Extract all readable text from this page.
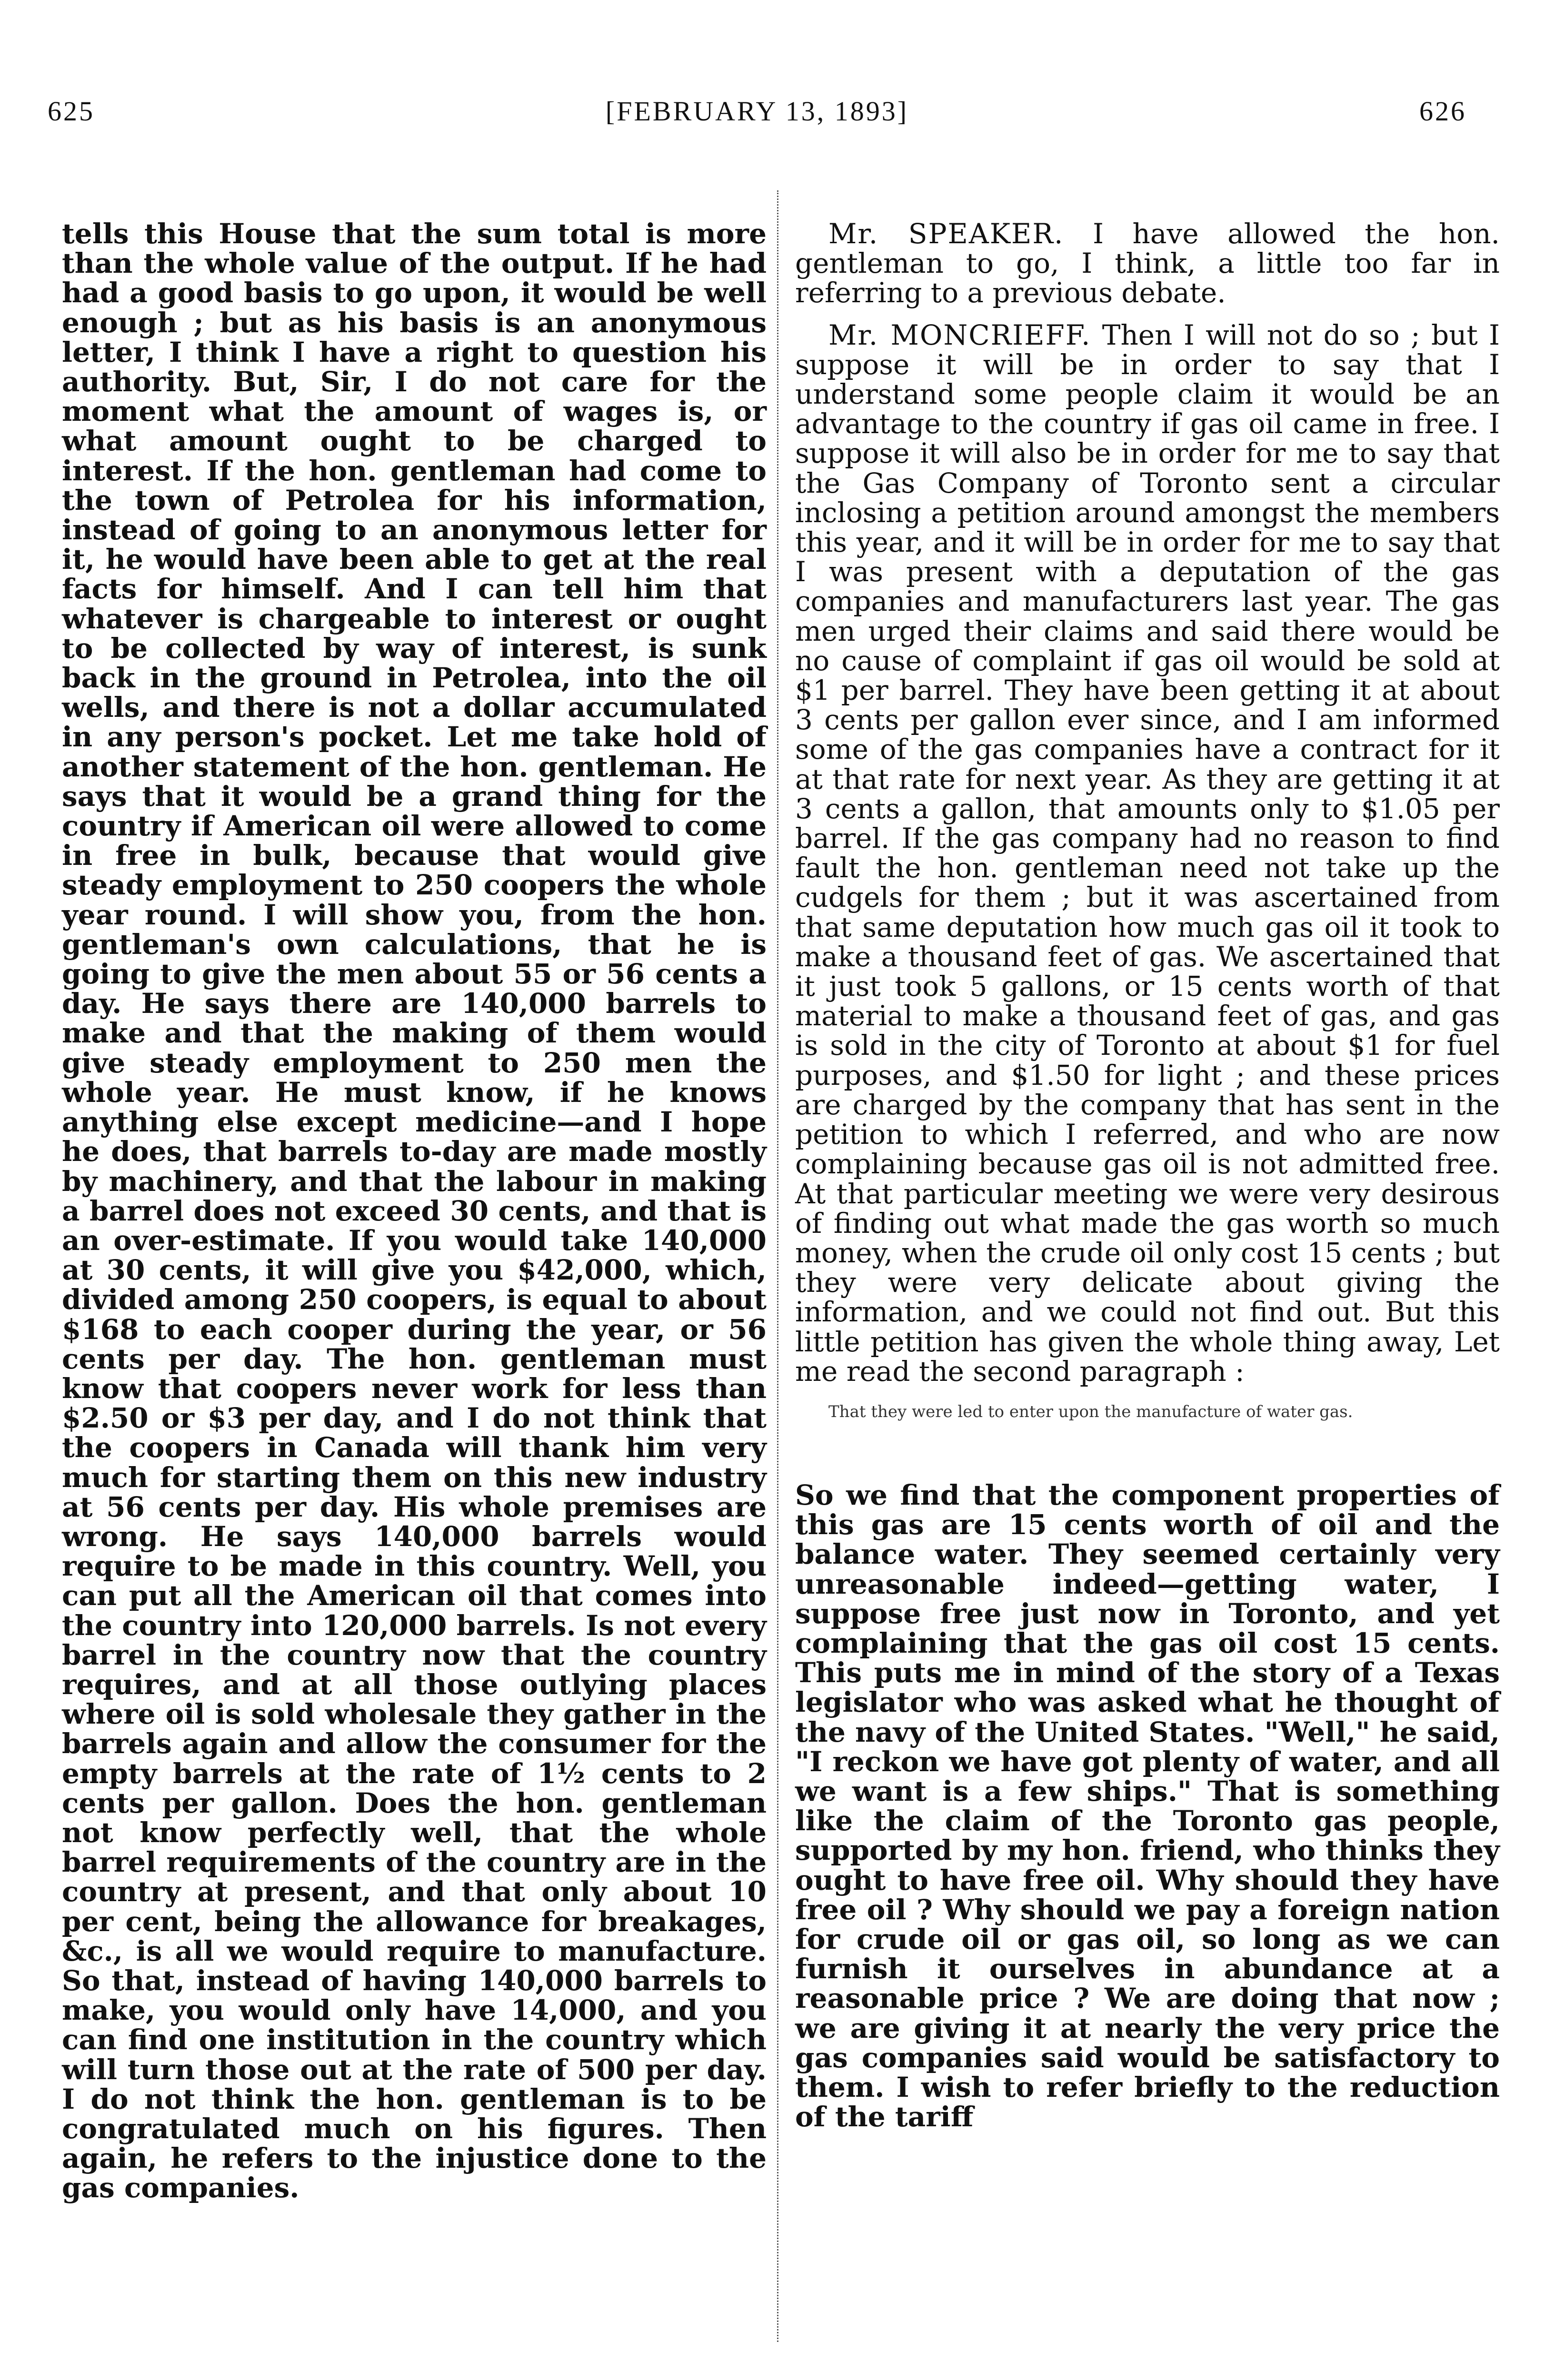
625	[FEBRUARY 13, 1893]	626

tells this House that the sum total is more than the whole value of the output. If he had had a good basis to go upon, it would be well enough ; but as his basis is an anonymous letter, I think I have a right to question his authority. But, Sir, I do not care for the moment what the amount of wages is, or what amount ought to be charged to interest. If the hon. gentleman had come to the town of Petrolea for his information, instead of going to an anonymous letter for it, he would have been able to get at the real facts for himself. And I can tell him that whatever is chargeable to interest or ought to be collected by way of interest, is sunk back in the ground in Petrolea, into the oil wells, and there is not a dollar accumulated in any person's pocket. Let me take hold of another statement of the hon. gentleman. He says that it would be a grand thing for the country if American oil were allowed to come in free in bulk, because that would give steady employment to 250 coopers the whole year round. I will show you, from the hon. gentleman's own calculations, that he is going to give the men about 55 or 56 cents a day. He says there are 140,000 barrels to make and that the making of them would give steady employment to 250 men the whole year. He must know, if he knows anything else except medicine—and I hope he does, that barrels to-day are made mostly by machinery, and that the labour in making a barrel does not exceed 30 cents, and that is an over-estimate. If you would take 140,000 at 30 cents, it will give you $42,000, which, divided among 250 coopers, is equal to about $168 to each cooper during the year, or 56 cents per day. The hon. gentleman must know that coopers never work for less than $2.50 or $3 per day, and I do not think that the coopers in Canada will thank him very much for starting them on this new industry at 56 cents per day. His whole premises are wrong. He says 140,000 barrels would require to be made in this country. Well, you can put all the American oil that comes into the country into 120,000 barrels. Is not every barrel in the country now that the country requires, and at all those outlying places where oil is sold wholesale they gather in the barrels again and allow the consumer for the empty barrels at the rate of 1½ cents to 2 cents per gallon. Does the hon. gentleman not know perfectly well, that the whole barrel requirements of the country are in the country at present, and that only about 10 per cent, being the allowance for breakages, &c., is all we would require to manufacture. So that, instead of having 140,000 barrels to make, you would only have 14,000, and you can find one institution in the country which will turn those out at the rate of 500 per day. I do not think the hon. gentleman is to be congratulated much on his figures. Then again, he refers to the injustice done to the gas companies.

Mr. SPEAKER. I have allowed the hon. gentleman to go, I think, a little too far in referring to a previous debate.

Mr. MONCRIEFF. Then I will not do so ; but I suppose it will be in order to say that I understand some people claim it would be an advantage to the country if gas oil came in free. I suppose it will also be in order for me to say that the Gas Company of Toronto sent a circular inclosing a petition around amongst the members this year, and it will be in order for me to say that I was present with a deputation of the gas companies and manufacturers last year. The gas men urged their claims and said there would be no cause of complaint if gas oil would be sold at $1 per barrel. They have been getting it at about 3 cents per gallon ever since, and I am informed some of the gas companies have a contract for it at that rate for next year. As they are getting it at 3 cents a gallon, that amounts only to $1.05 per barrel. If the gas company had no reason to find fault the hon. gentleman need not take up the cudgels for them ; but it was ascertained from that same deputation how much gas oil it took to make a thousand feet of gas. We ascertained that it just took 5 gallons, or 15 cents worth of that material to make a thousand feet of gas, and gas is sold in the city of Toronto at about $1 for fuel purposes, and $1.50 for light ; and these prices are charged by the company that has sent in the petition to which I referred, and who are now complaining because gas oil is not admitted free. At that particular meeting we were very desirous of finding out what made the gas worth so much money, when the crude oil only cost 15 cents ; but they were very delicate about giving the information, and we could not find out. But this little petition has given the whole thing away, Let me read the second paragraph :

That they were led to enter upon the manufacture of water gas.

So we find that the component properties of this gas are 15 cents worth of oil and the balance water. They seemed certainly very unreasonable indeed—getting water, I suppose free just now in Toronto, and yet complaining that the gas oil cost 15 cents. This puts me in mind of the story of a Texas legislator who was asked what he thought of the navy of the United States. "Well," he said, "I reckon we have got plenty of water, and all we want is a few ships." That is something like the claim of the Toronto gas people, supported by my hon. friend, who thinks they ought to have free oil. Why should they have free oil ? Why should we pay a foreign nation for crude oil or gas oil, so long as we can furnish it ourselves in abundance at a reasonable price ? We are doing that now ; we are giving it at nearly the very price the gas companies said would be satisfactory to them. I wish to refer briefly to the reduction of the tariff
